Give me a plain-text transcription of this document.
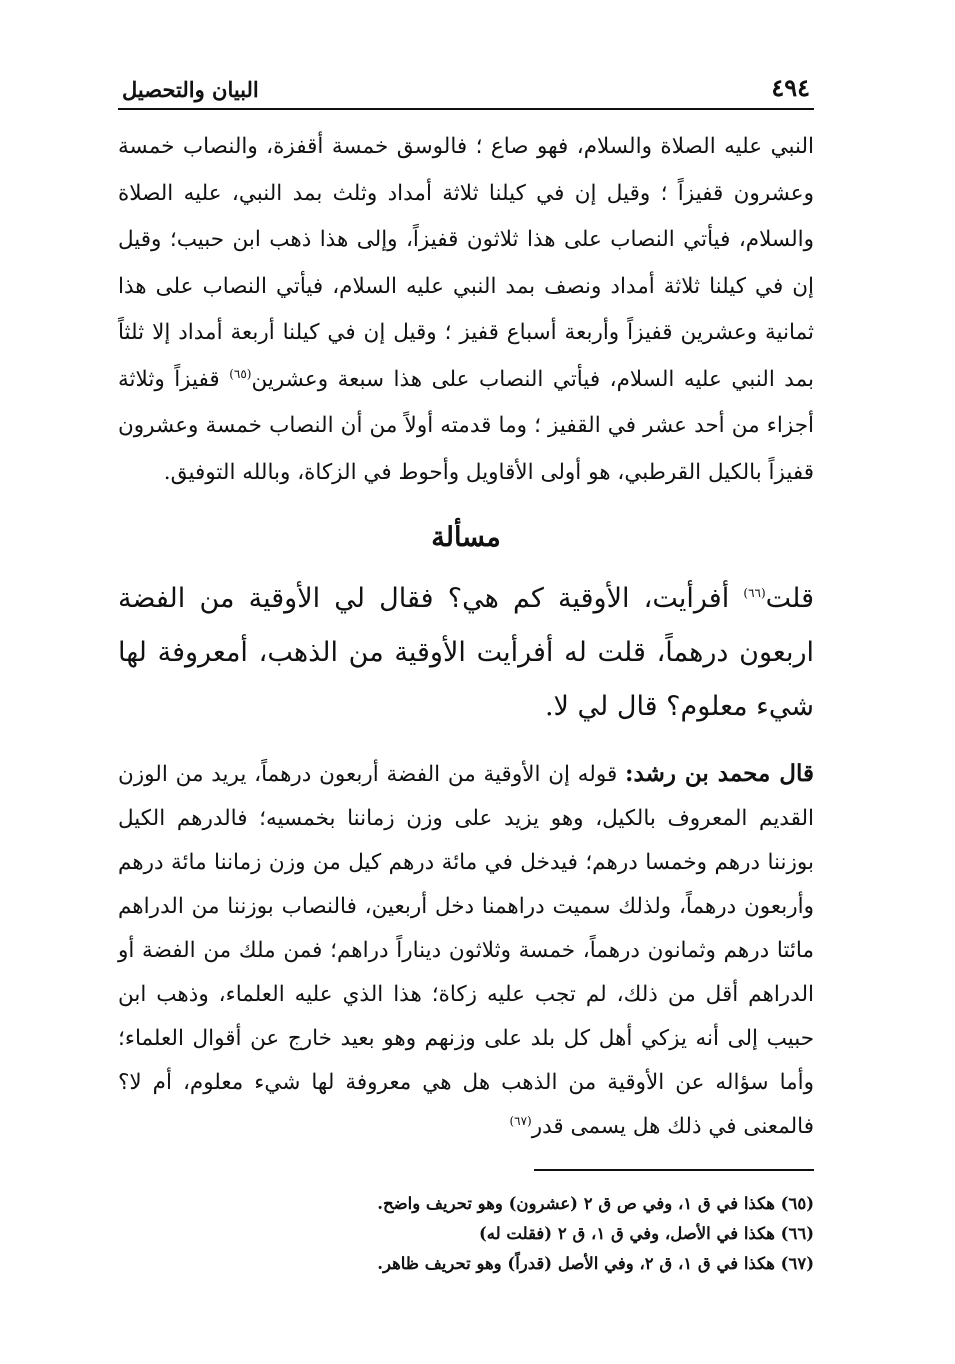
٤٩٤
البيان والتحصيل

النبي عليه الصلاة والسلام، فهو صاع ؛ فالوسق خمسة أقفزة، والنصاب خمسة وعشرون قفيزاً ؛ وقيل إن في كيلنا ثلاثة أمداد وثلث بمد النبي، عليه الصلاة والسلام، فيأتي النصاب على هذا ثلاثون قفيزاً، وإلى هذا ذهب ابن حبيب؛ وقيل إن في كيلنا ثلاثة أمداد ونصف بمد النبي عليه السلام، فيأتي النصاب على هذا ثمانية وعشرين قفيزاً وأربعة أسباع قفيز ؛ وقيل إن في كيلنا أربعة أمداد إلا ثلثاً بمد النبي عليه السلام، فيأتي النصاب على هذا سبعة وعشرين$^{(٦٥)}$ قفيزاً وثلاثة أجزاء من أحد عشر في القفيز ؛ وما قدمته أولاً من أن النصاب خمسة وعشرون قفيزاً بالكيل القرطبي، هو أولى الأقاويل وأحوط في الزكاة، وبالله التوفيق.

مسألة

قلت$^{(٦٦)}$ أفرأيت، الأوقية كم هي؟ فقال لي الأوقية من الفضة اربعون درهماً، قلت له أفرأيت الأوقية من الذهب، أمعروفة لها شيء معلوم؟ قال لي لا.

قال محمد بن رشد: قوله إن الأوقية من الفضة أربعون درهماً، يريد من الوزن القديم المعروف بالكيل، وهو يزيد على وزن زماننا بخمسيه؛ فالدرهم الكيل بوزننا درهم وخمسا درهم؛ فيدخل في مائة درهم كيل من وزن زماننا مائة درهم وأربعون درهماً، ولذلك سميت دراهمنا دخل أربعين، فالنصاب بوزننا من الدراهم مائتا درهم وثمانون درهماً، خمسة وثلاثون ديناراً دراهم؛ فمن ملك من الفضة أو الدراهم أقل من ذلك، لم تجب عليه زكاة؛ هذا الذي عليه العلماء، وذهب ابن حبيب إلى أنه يزكي أهل كل بلد على وزنهم وهو بعيد خارج عن أقوال العلماء؛ وأما سؤاله عن الأوقية من الذهب هل هي معروفة لها شيء معلوم، أم لا؟ فالمعنى في ذلك هل يسمى قدر$^{(٦٧)}$

(٦٥) هكذا في ق ١، وفي ص ق ٢ (عشرون) وهو تحريف واضح.

(٦٦) هكذا في الأصل، وفي ق ١، ق ٢ (فقلت له)

(٦٧) هكذا في ق ١، ق ٢، وفي الأصل (قدراً) وهو تحريف ظاهر.
